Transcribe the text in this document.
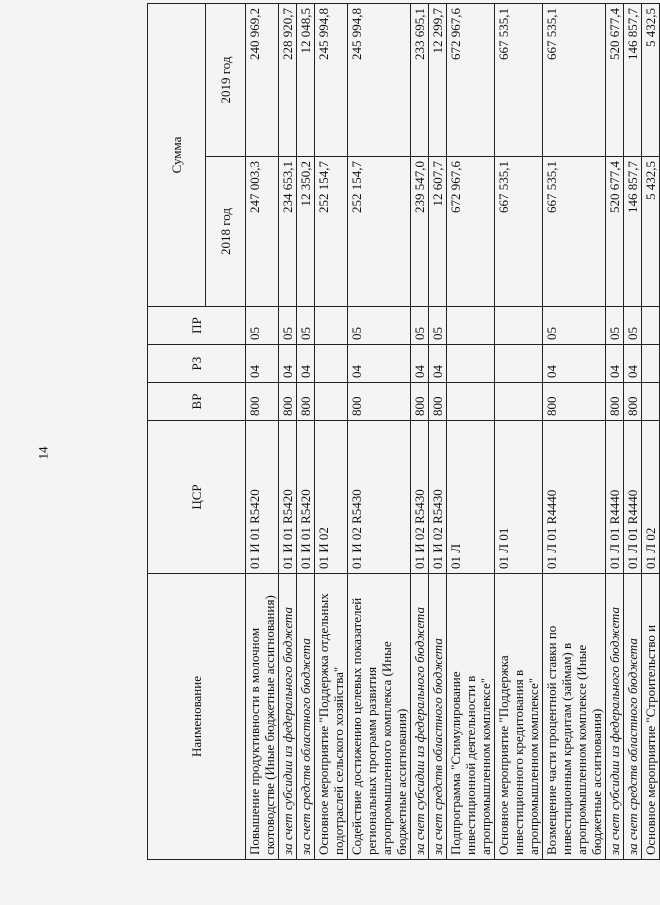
14
Наименование	ЦСР	ВР	РЗ	ПР	Сумма	
					2018 год	2019 год
Повышение продуктивности в молочном скотоводстве (Иные бюджетные ассигнования)	01 И 01 R5420	800	04	05	247 003,3	240 969,2
за счет субсидии из федерального бюджета	01 И 01 R5420	800	04	05	234 653,1	228 920,7
за счет средств областного бюджета	01 И 01 R5420	800	04	05	12 350,2	12 048,5
Основное мероприятие "Поддержка отдельных подотраслей сельского хозяйства"	01 И 02				252 154,7	245 994,8
Содействие достижению целевых показателей региональных программ развития агропромышленного комплекса (Иные бюджетные ассигнования)	01 И 02 R5430	800	04	05	252 154,7	245 994,8
за счет субсидии из федерального бюджета	01 И 02 R5430	800	04	05	239 547,0	233 695,1
за счет средств областного бюджета	01 И 02 R5430	800	04	05	12 607,7	12 299,7
Подпрограмма "Стимулирование инвестиционной деятельности в агропромышленном комплексе"	01 Л				672 967,6	672 967,6
Основное мероприятие "Поддержка инвестиционного кредитования в агропромышленном комплексе"	01 Л 01				667 535,1	667 535,1
Возмещение части процентной ставки по инвестиционным кредитам (займам) в агропромышленном комплексе (Иные бюджетные ассигнования)	01 Л 01 R4440	800	04	05	667 535,1	667 535,1
за счет субсидии из федерального бюджета	01 Л 01 R4440	800	04	05	520 677,4	520 677,4
за счет средств областного бюджета	01 Л 01 R4440	800	04	05	146 857,7	146 857,7
Основное мероприятие "Строительство и	01 Л 02				5 432,5	5 432,5
